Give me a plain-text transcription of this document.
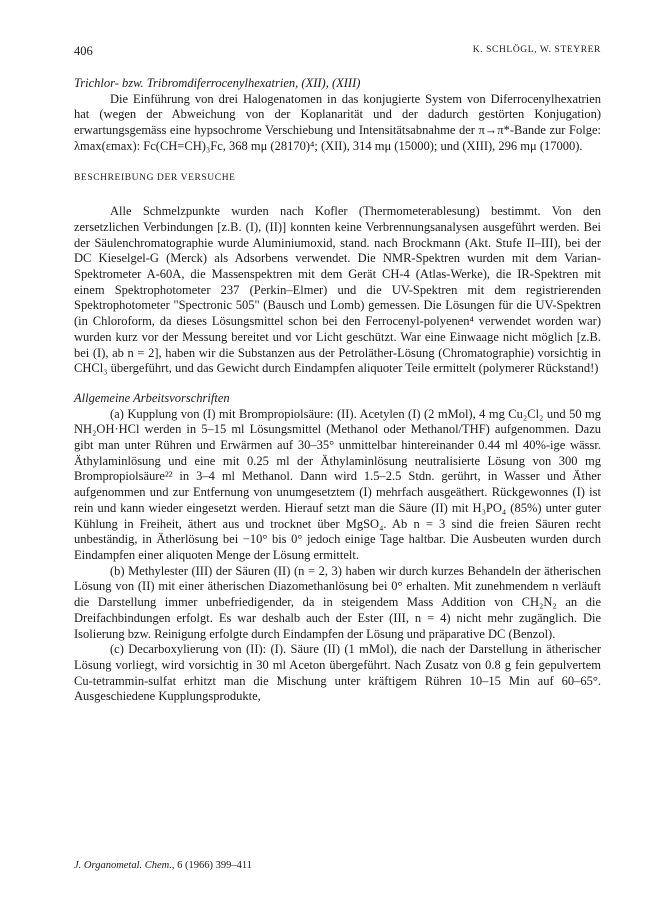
406	K. SCHLÖGL, W. STEYRER

Trichlor- bzw. Tribromdiferrocenylhexatrien, (XII), (XIII)

Die Einführung von drei Halogenatomen in das konjugierte System von Diferrocenylhexatrien hat (wegen der Abweichung von der Koplanarität und der dadurch gestörten Konjugation) erwartungsgemäss eine hypsochrome Verschiebung und Intensitätsabnahme der π→π*-Bande zur Folge: λmax(εmax): Fc(CH=CH)₃Fc, 368 mμ (28170)⁴; (XII), 314 mμ (15000); und (XIII), 296 mμ (17000).

BESCHREIBUNG DER VERSUCHE

Alle Schmelzpunkte wurden nach Kofler (Thermometerablesung) bestimmt. Von den zersetzlichen Verbindungen [z.B. (I), (II)] konnten keine Verbrennungsanalysen ausgeführt werden. Bei der Säulenchromatographie wurde Aluminiumoxid, stand. nach Brockmann (Akt. Stufe II–III), bei der DC Kieselgel-G (Merck) als Adsorbens verwendet. Die NMR-Spektren wurden mit dem Varian-Spektrometer A-60A, die Massenspektren mit dem Gerät CH-4 (Atlas-Werke), die IR-Spektren mit einem Spektrophotometer 237 (Perkin–Elmer) und die UV-Spektren mit dem registrierenden Spektrophotometer "Spectronic 505" (Bausch und Lomb) gemessen. Die Lösungen für die UV-Spektren (in Chloroform, da dieses Lösungsmittel schon bei den Ferrocenyl-polyenen⁴ verwendet worden war) wurden kurz vor der Messung bereitet und vor Licht geschützt. War eine Einwaage nicht möglich [z.B. bei (I), ab n = 2], haben wir die Substanzen aus der Petroläther-Lösung (Chromatographie) vorsichtig in CHCl₃ übergeführt, und das Gewicht durch Eindampfen aliquoter Teile ermittelt (polymerer Rückstand!)

Allgemeine Arbeitsvorschriften

(a) Kupplung von (I) mit Brompropiolsäure: (II). Acetylen (I) (2 mMol), 4 mg Cu₂Cl₂ und 50 mg NH₂OH·HCl werden in 5–15 ml Lösungsmittel (Methanol oder Methanol/THF) aufgenommen. Dazu gibt man unter Rühren und Erwärmen auf 30–35° unmittelbar hintereinander 0.44 ml 40%-ige wässr. Äthylaminlösung und eine mit 0.25 ml der Äthylaminlösung neutralisierte Lösung von 300 mg Brompropiolsäure²² in 3–4 ml Methanol. Dann wird 1.5–2.5 Stdn. gerührt, in Wasser und Äther aufgenommen und zur Entfernung von unumgesetztem (I) mehrfach ausgeäthert. Rückgewonnes (I) ist rein und kann wieder eingesetzt werden. Hierauf setzt man die Säure (II) mit H₃PO₄ (85%) unter guter Kühlung in Freiheit, äthert aus und trocknet über MgSO₄. Ab n = 3 sind die freien Säuren recht unbeständig, in Ätherlösung bei −10° bis 0° jedoch einige Tage haltbar. Die Ausbeuten wurden durch Eindampfen einer aliquoten Menge der Lösung ermittelt.

(b) Methylester (III) der Säuren (II) (n = 2, 3) haben wir durch kurzes Behandeln der ätherischen Lösung von (II) mit einer ätherischen Diazomethanlösung bei 0° erhalten. Mit zunehmendem n verläuft die Darstellung immer unbefriedigender, da in steigendem Mass Addition von CH₂N₂ an die Dreifachbindungen erfolgt. Es war deshalb auch der Ester (III, n = 4) nicht mehr zugänglich. Die Isolierung bzw. Reinigung erfolgte durch Eindampfen der Lösung und präparative DC (Benzol).

(c) Decarboxylierung von (II): (I). Säure (II) (1 mMol), die nach der Darstellung in ätherischer Lösung vorliegt, wird vorsichtig in 30 ml Aceton übergeführt. Nach Zusatz von 0.8 g fein gepulvertem Cu-tetrammin-sulfat erhitzt man die Mischung unter kräftigem Rühren 10–15 Min auf 60–65°. Ausgeschiedene Kupplungsprodukte,

J. Organometal. Chem., 6 (1966) 399–411
